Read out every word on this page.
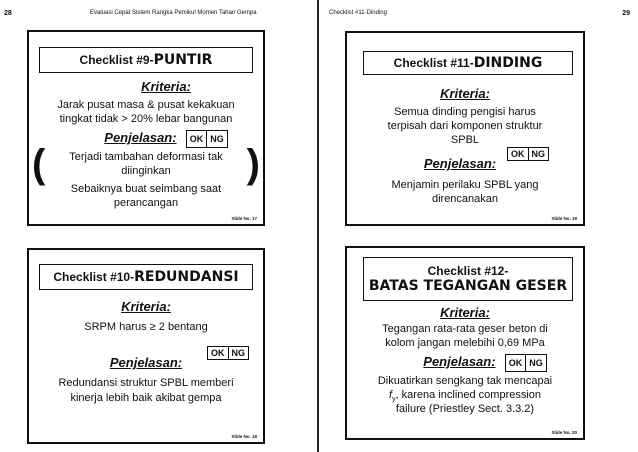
28	Evaluasi Cepat Sistem Rangka Pemikul Momen Tahan Gempa
Checklist #9-PUNTIR
Kriteria:
Jarak pusat masa & pusat kekakuan
tingkat tidak > 20% lebar bangunan
Penjelasan:	OK NG
(	)
Terjadi tambahan deformasi tak
diinginkan
Sebaiknya buat seimbang saat
perancangan
Slide No. 17
Checklist #10-REDUNDANSI
Kriteria:
SRPM harus ≥ 2 bentang
OK NG
Penjelasan:
Redundansi struktur SPBL memberi
kinerja lebih baik akibat gempa
Slide No. 18
Checklist #11-Dinding	29
Checklist #11-DINDING
Kriteria:
Semua dinding pengisi harus
terpisah dari komponen struktur
SPBL
OK NG
Penjelasan:
Menjamin perilaku SPBL yang
direncanakan
Slide No. 19
Checklist #12-
BATAS TEGANGAN GESER
Kriteria:
Tegangan rata-rata geser beton di
kolom jangan melebihi 0,69 MPa
Penjelasan:	OK NG
Dikuatirkan sengkang tak mencapai
$f_y$, karena inclined compression
failure (Priestley Sect. 3.3.2)
Slide No. 20
